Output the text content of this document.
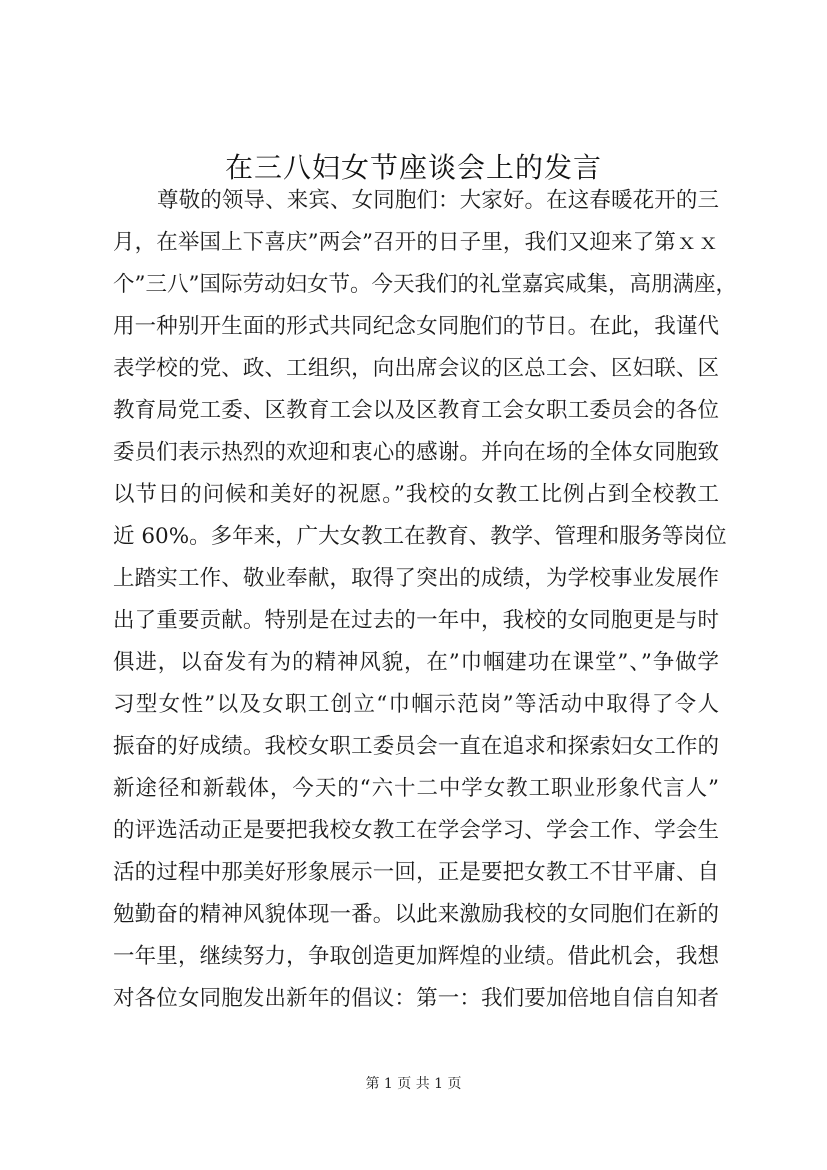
在三八妇女节座谈会上的发言
尊敬的领导、来宾、女同胞们：大家好。在这春暖花开的三
月，在举国上下喜庆”两会”召开的日子里，我们又迎来了第ｘｘ
个”三八”国际劳动妇女节。今天我们的礼堂嘉宾咸集，高朋满座，
用一种别开生面的形式共同纪念女同胞们的节日。在此，我谨代
表学校的党、政、工组织，向出席会议的区总工会、区妇联、区
教育局党工委、区教育工会以及区教育工会女职工委员会的各位
委员们表示热烈的欢迎和衷心的感谢。并向在场的全体女同胞致
以节日的问候和美好的祝愿。”我校的女教工比例占到全校教工
近 60%。多年来，广大女教工在教育、教学、管理和服务等岗位
上踏实工作、敬业奉献，取得了突出的成绩，为学校事业发展作
出了重要贡献。特别是在过去的一年中，我校的女同胞更是与时
俱进，以奋发有为的精神风貌，在”巾帼建功在课堂”、”争做学
习型女性”以及女职工创立“巾帼示范岗”等活动中取得了令人
振奋的好成绩。我校女职工委员会一直在追求和探索妇女工作的
新途径和新载体，今天的“六十二中学女教工职业形象代言人”
的评选活动正是要把我校女教工在学会学习、学会工作、学会生
活的过程中那美好形象展示一回，正是要把女教工不甘平庸、自
勉勤奋的精神风貌体现一番。以此来激励我校的女同胞们在新的
一年里，继续努力，争取创造更加辉煌的业绩。借此机会，我想
对各位女同胞发出新年的倡议：第一：我们要加倍地自信自知者
第 1 页 共 1 页
